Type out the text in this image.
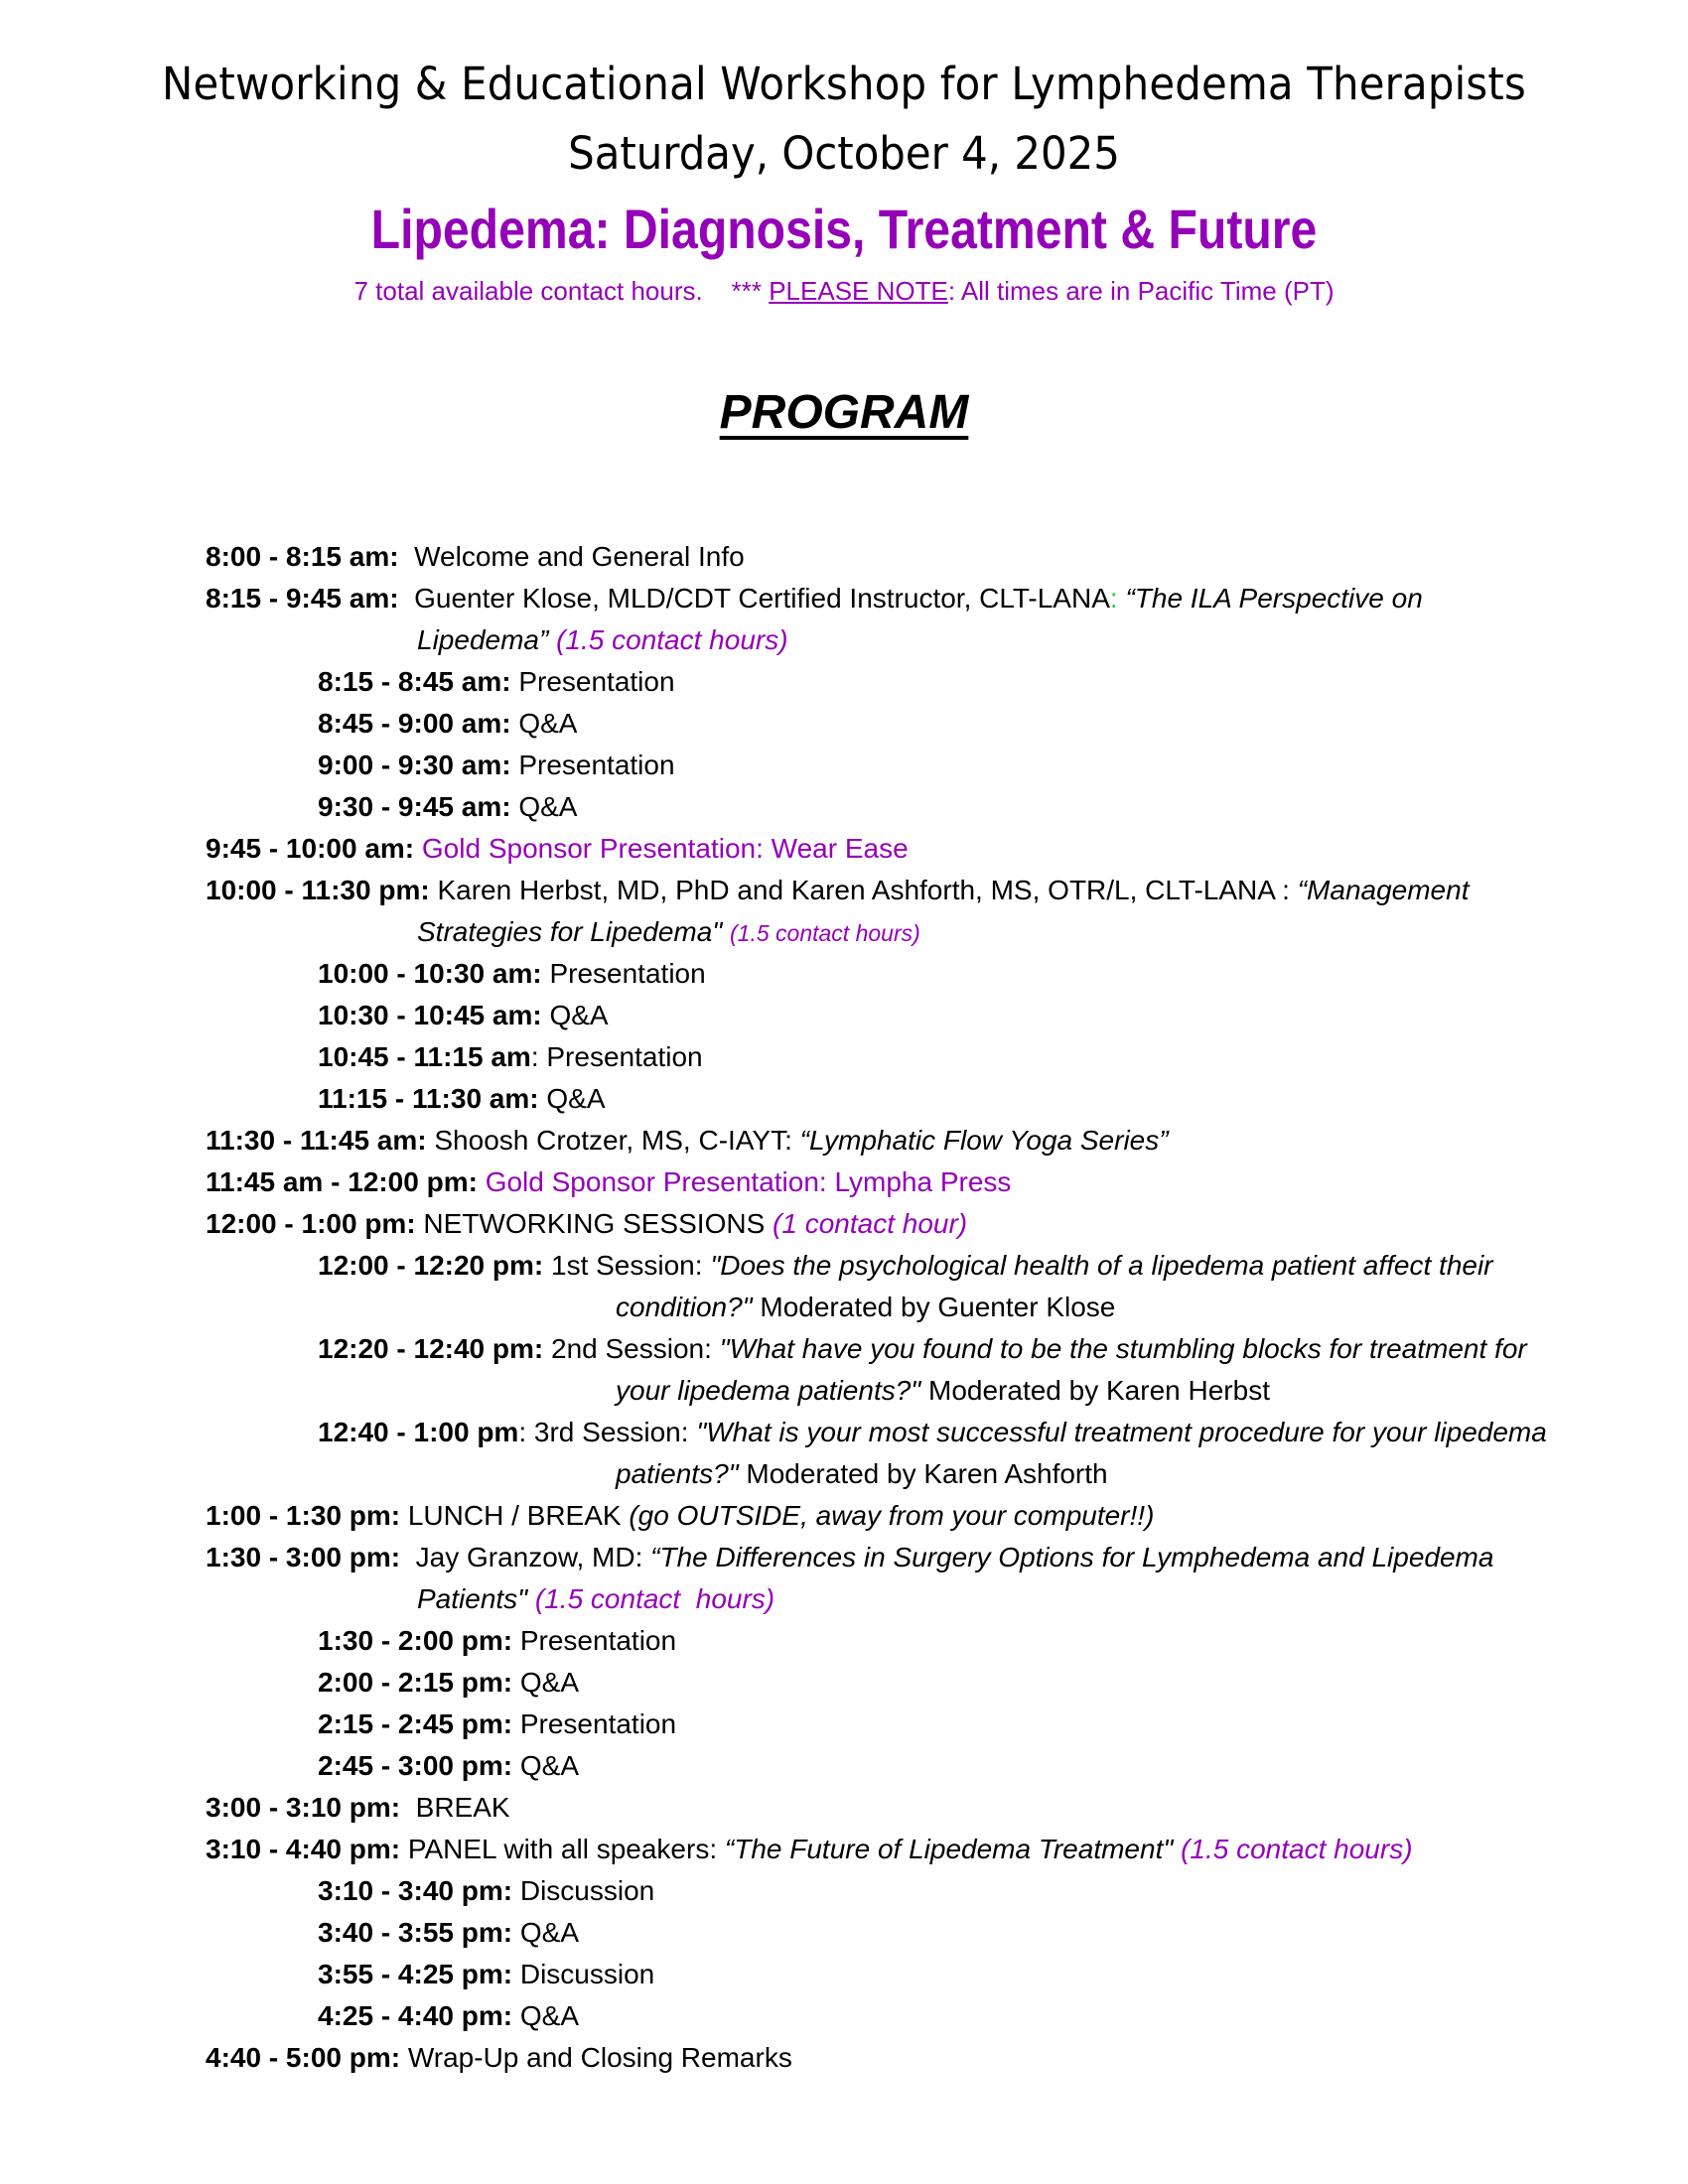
Networking & Educational Workshop for Lymphedema Therapists
Saturday, October 4, 2025
Lipedema: Diagnosis, Treatment & Future
7 total available contact hours. *** PLEASE NOTE: All times are in Pacific Time (PT)
PROGRAM
8:00 - 8:15 am: Welcome and General Info
8:15 - 9:45 am: Guenter Klose, MLD/CDT Certified Instructor, CLT-LANA: “The ILA Perspective on
Lipedema” (1.5 contact hours)
8:15 - 8:45 am: Presentation
8:45 - 9:00 am: Q&A
9:00 - 9:30 am: Presentation
9:30 - 9:45 am: Q&A
9:45 - 10:00 am: Gold Sponsor Presentation: Wear Ease
10:00 - 11:30 pm: Karen Herbst, MD, PhD and Karen Ashforth, MS, OTR/L, CLT-LANA : “Management
Strategies for Lipedema" (1.5 contact hours)
10:00 - 10:30 am: Presentation
10:30 - 10:45 am: Q&A
10:45 - 11:15 am: Presentation
11:15 - 11:30 am: Q&A
11:30 - 11:45 am: Shoosh Crotzer, MS, C-IAYT: “Lymphatic Flow Yoga Series”
11:45 am - 12:00 pm: Gold Sponsor Presentation: Lympha Press
12:00 - 1:00 pm: NETWORKING SESSIONS (1 contact hour)
12:00 - 12:20 pm: 1st Session: "Does the psychological health of a lipedema patient affect their
condition?" Moderated by Guenter Klose
12:20 - 12:40 pm: 2nd Session: "What have you found to be the stumbling blocks for treatment for
your lipedema patients?" Moderated by Karen Herbst
12:40 - 1:00 pm: 3rd Session: "What is your most successful treatment procedure for your lipedema
patients?" Moderated by Karen Ashforth
1:00 - 1:30 pm: LUNCH / BREAK (go OUTSIDE, away from your computer!!)
1:30 - 3:00 pm: Jay Granzow, MD: “The Differences in Surgery Options for Lymphedema and Lipedema
Patients" (1.5 contact  hours)
1:30 - 2:00 pm: Presentation
2:00 - 2:15 pm: Q&A
2:15 - 2:45 pm: Presentation
2:45 - 3:00 pm: Q&A
3:00 - 3:10 pm: BREAK
3:10 - 4:40 pm: PANEL with all speakers: “The Future of Lipedema Treatment" (1.5 contact hours)
3:10 - 3:40 pm: Discussion
3:40 - 3:55 pm: Q&A
3:55 - 4:25 pm: Discussion
4:25 - 4:40 pm: Q&A
4:40 - 5:00 pm: Wrap-Up and Closing Remarks
